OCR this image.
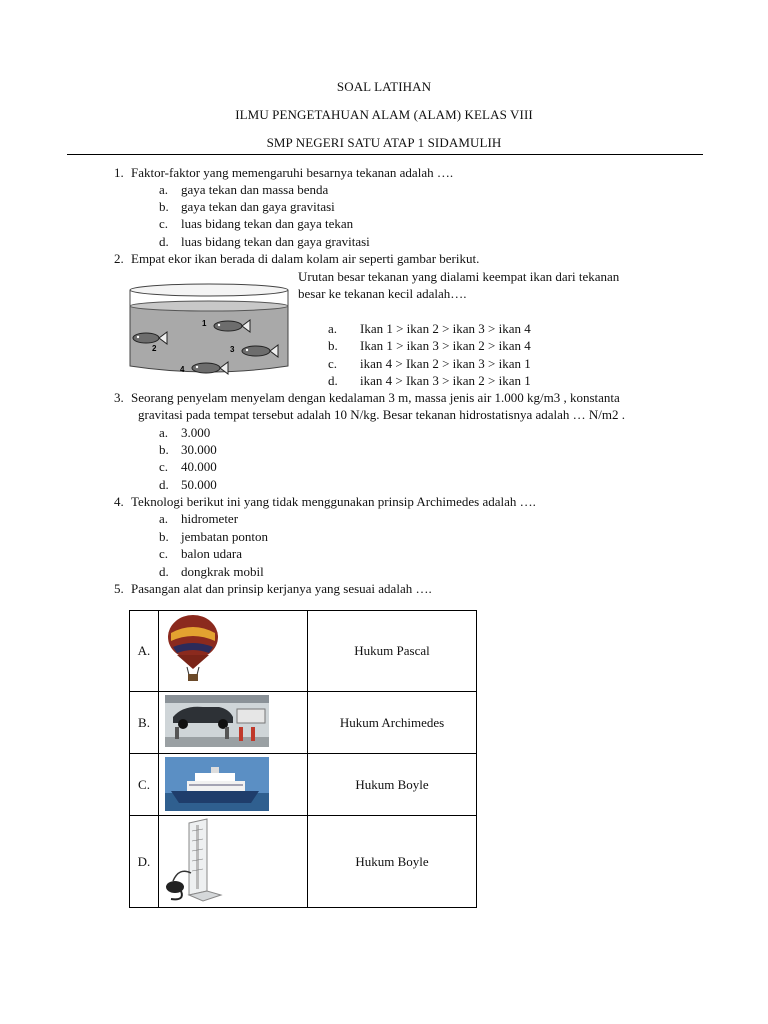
SOAL LATIHAN
ILMU PENGETAHUAN ALAM (ALAM) KELAS VIII
SMP NEGERI SATU ATAP 1 SIDAMULIH
1. Faktor-faktor yang memengaruhi besarnya tekanan adalah ….
a. gaya tekan dan massa benda
b. gaya tekan dan gaya gravitasi
c. luas bidang tekan dan gaya tekan
d. luas bidang tekan dan gaya gravitasi
2. Empat ekor ikan berada di dalam kolam air seperti gambar berikut.
Urutan besar tekanan yang dialami keempat ikan dari tekanan
besar ke tekanan kecil adalah….
1
2	3
4
a. Ikan 1 > ikan 2 > ikan 3 > ikan 4
b. Ikan 1 > ikan 3 > ikan 2 > ikan 4
c. ikan 4 > Ikan 2 > ikan 3 > ikan 1
d. ikan 4 > Ikan 3 > ikan 2 > ikan 1
3. Seorang penyelam menyelam dengan kedalaman 3 m, massa jenis air 1.000 kg/m3 , konstanta
gravitasi pada tempat tersebut adalah 10 N/kg. Besar tekanan hidrostatisnya adalah … N/m2 .
a. 3.000
b. 30.000
c. 40.000
d. 50.000
4. Teknologi berikut ini yang tidak menggunakan prinsip Archimedes adalah ….
a. hidrometer
b. jembatan ponton
c. balon udara
d. dongkrak mobil
5. Pasangan alat dan prinsip kerjanya yang sesuai adalah ….
A.		Hukum Pascal
B.		Hukum Archimedes
C.		Hukum Boyle
D.		Hukum Boyle
